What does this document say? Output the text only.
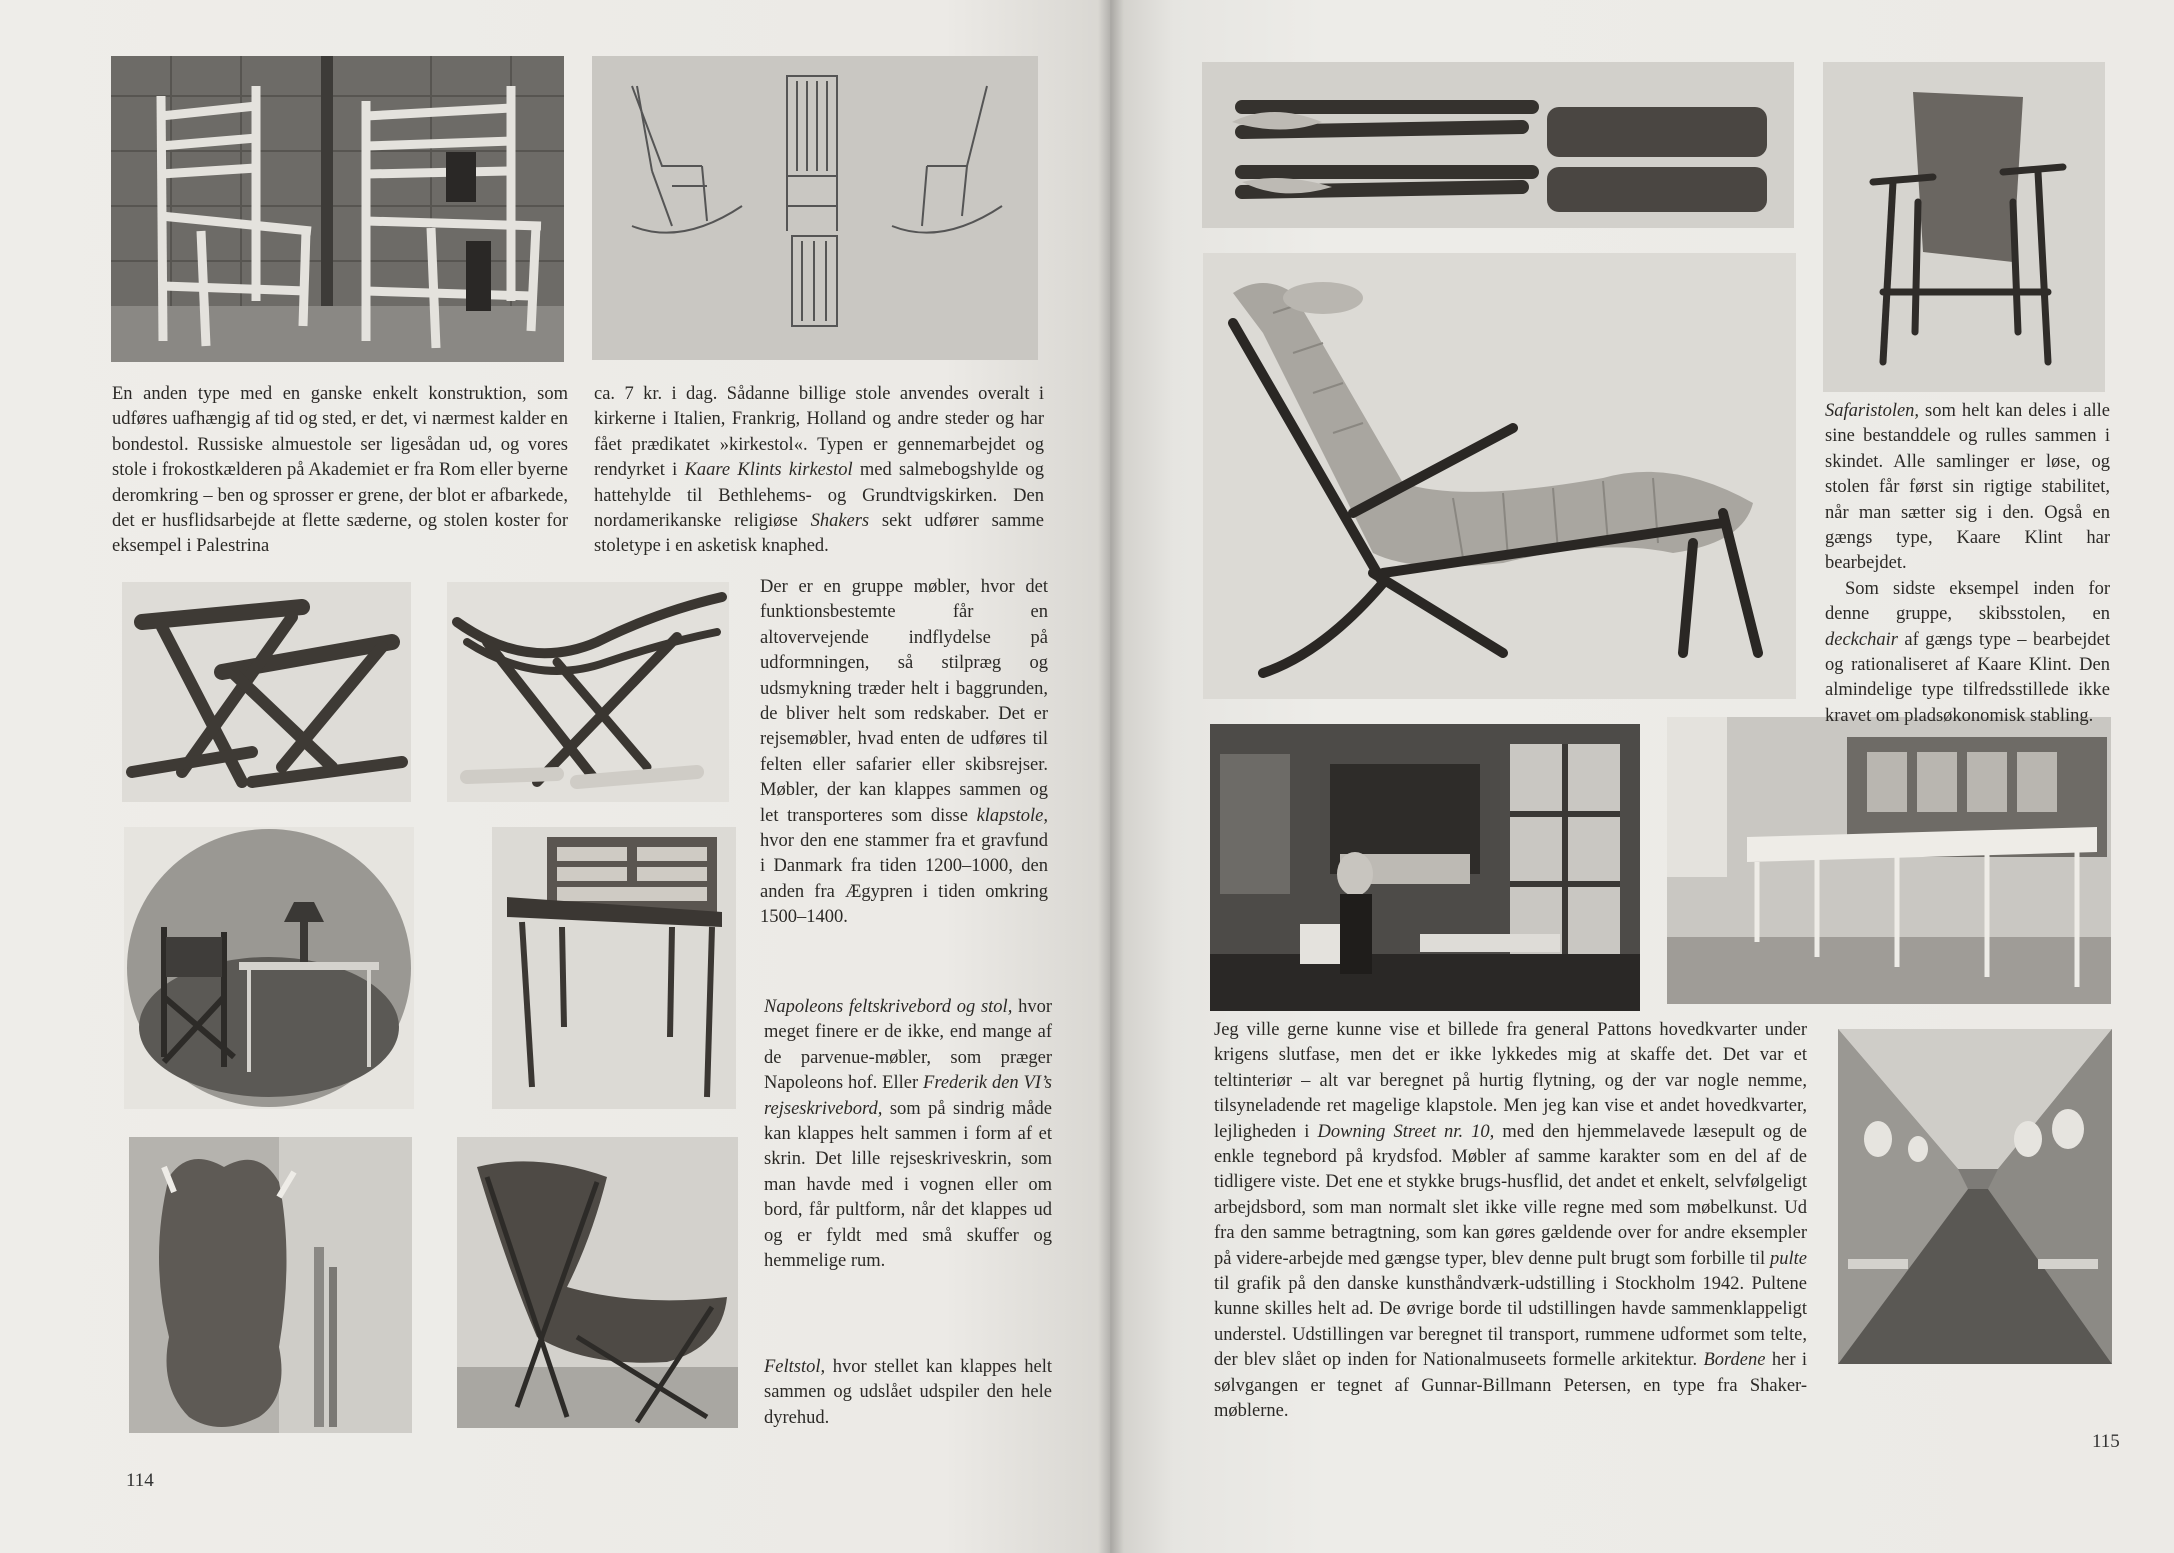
En anden type med en ganske enkelt konstruktion, som udføres uafhængig af tid og sted, er det, vi nærmest kalder en bondestol. Russiske almuestole ser ligesådan ud, og vores stole i frokostkælderen på Akademiet er fra Rom eller byerne deromkring – ben og sprosser er grene, der blot er afbarkede, det er husflidsarbejde at flette sæderne, og stolen koster for eksempel i Palestrina

ca. 7 kr. i dag. Sådanne billige stole anvendes overalt i kirkerne i Italien, Frankrig, Holland og andre steder og har fået prædikatet »kirkestol«. Typen er gennemarbejdet og rendyrket i Kaare Klints kirkestol med salmebogshylde og hattehylde til Bethlehems- og Grundtvigskirken. Den nordamerikanske religiøse Shakers sekt udfører samme stoletype i en asketisk knaphed.

Der er en gruppe møbler, hvor det funktionsbestemte får en altovervejende indflydelse på udformningen, så stilpræg og udsmykning træder helt i baggrunden, de bliver helt som redskaber. Det er rejsemøbler, hvad enten de udføres til felten eller safarier eller skibsrejser. Møbler, der kan klappes sammen og let transporteres som disse klapstole, hvor den ene stammer fra et gravfund i Danmark fra tiden 1200–1000, den anden fra Ægypren i tiden omkring 1500–1400.

Napoleons feltskrivebord og stol, hvor meget finere er de ikke, end mange af de parvenue-møbler, som præger Napoleons hof. Eller Frederik den VI’s rejseskrivebord, som på sindrig måde kan klappes helt sammen i form af et skrin. Det lille rejseskriveskrin, som man havde med i vognen eller om bord, får pultform, når det klappes ud og er fyldt med små skuffer og hemmelige rum.

Feltstol, hvor stellet kan klappes helt sammen og udslået udspiler den hele dyrehud.

114

Safaristolen, som helt kan deles i alle sine bestanddele og rulles sammen i skindet. Alle samlinger er løse, og stolen får først sin rigtige stabilitet, når man sætter sig i den. Også en gængs type, Kaare Klint har bearbejdet.

Som sidste eksempel inden for denne gruppe, skibsstolen, en deckchair af gængs type – bearbejdet og rationaliseret af Kaare Klint. Den almindelige type tilfredsstillede ikke kravet om pladsøkonomisk stabling.

Jeg ville gerne kunne vise et billede fra general Pattons hovedkvarter under krigens slutfase, men det er ikke lykkedes mig at skaffe det. Det var et teltinteriør – alt var beregnet på hurtig flytning, og der var nogle nemme, tilsyneladende ret magelige klapstole. Men jeg kan vise et andet hovedkvarter, lejligheden i Downing Street nr. 10, med den hjemmelavede læsepult og de enkle tegnebord på krydsfod. Møbler af samme karakter som en del af de tidligere viste. Det ene et stykke brugs-husflid, det andet et enkelt, selvfølgeligt arbejdsbord, som man normalt slet ikke ville regne med som møbelkunst. Ud fra den samme betragtning, som kan gøres gældende over for andre eksempler på videre-arbejde med gængse typer, blev denne pult brugt som forbille til pulte til grafik på den danske kunsthåndværk-udstilling i Stockholm 1942. Pultene kunne skilles helt ad. De øvrige borde til udstillingen havde sammenklappeligt understel. Udstillingen var beregnet til transport, rummene udformet som telte, der blev slået op inden for Nationalmuseets formelle arkitektur. Bordene her i sølvgangen er tegnet af Gunnar-Billmann Petersen, en type fra Shaker-møblerne.

115
